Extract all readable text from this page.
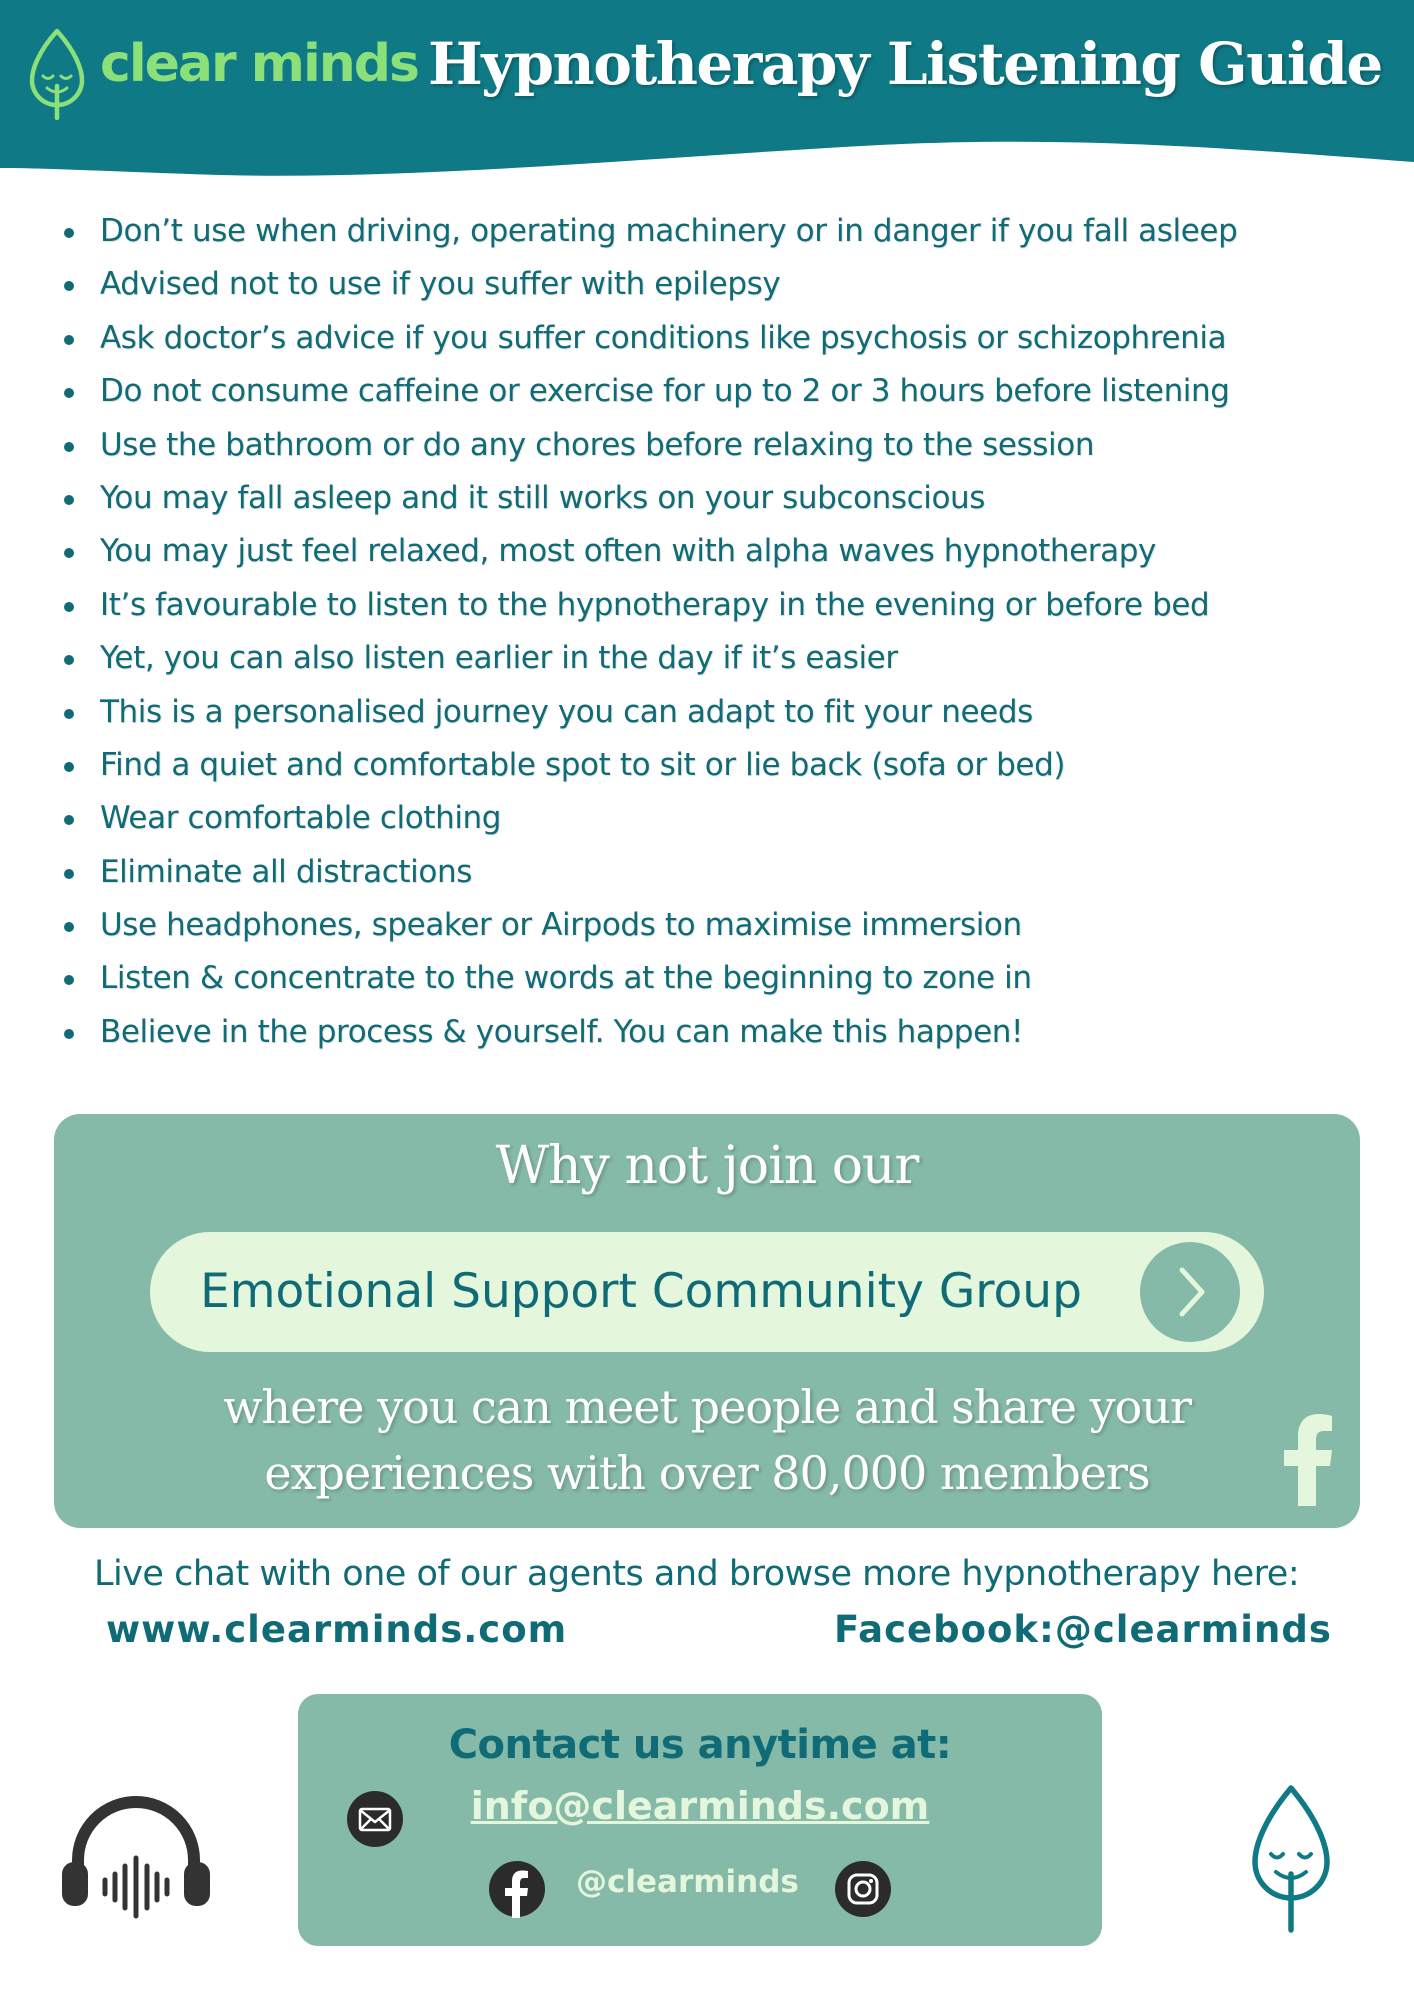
clear minds Hypnotherapy Listening Guide
Don’t use when driving, operating machinery or in danger if you fall asleep
Advised not to use if you suffer with epilepsy
Ask doctor’s advice if you suffer conditions like psychosis or schizophrenia
Do not consume caffeine or exercise for up to 2 or 3 hours before listening
Use the bathroom or do any chores before relaxing to the session
You may fall asleep and it still works on your subconscious
You may just feel relaxed, most often with alpha waves hypnotherapy
It’s favourable to listen to the hypnotherapy in the evening or before bed
Yet, you can also listen earlier in the day if it’s easier
This is a personalised journey you can adapt to fit your needs
Find a quiet and comfortable spot to sit or lie back (sofa or bed)
Wear comfortable clothing
Eliminate all distractions
Use headphones, speaker or Airpods to maximise immersion
Listen & concentrate to the words at the beginning to zone in
Believe in the process & yourself. You can make this happen!
Why not join our
Emotional Support Community Group
where you can meet people and share your
experiences with over 80,000 members
Live chat with one of our agents and browse more hypnotherapy here:
www.clearminds.com	Facebook:@clearminds
Contact us anytime at:
info@clearminds.com
@clearminds
